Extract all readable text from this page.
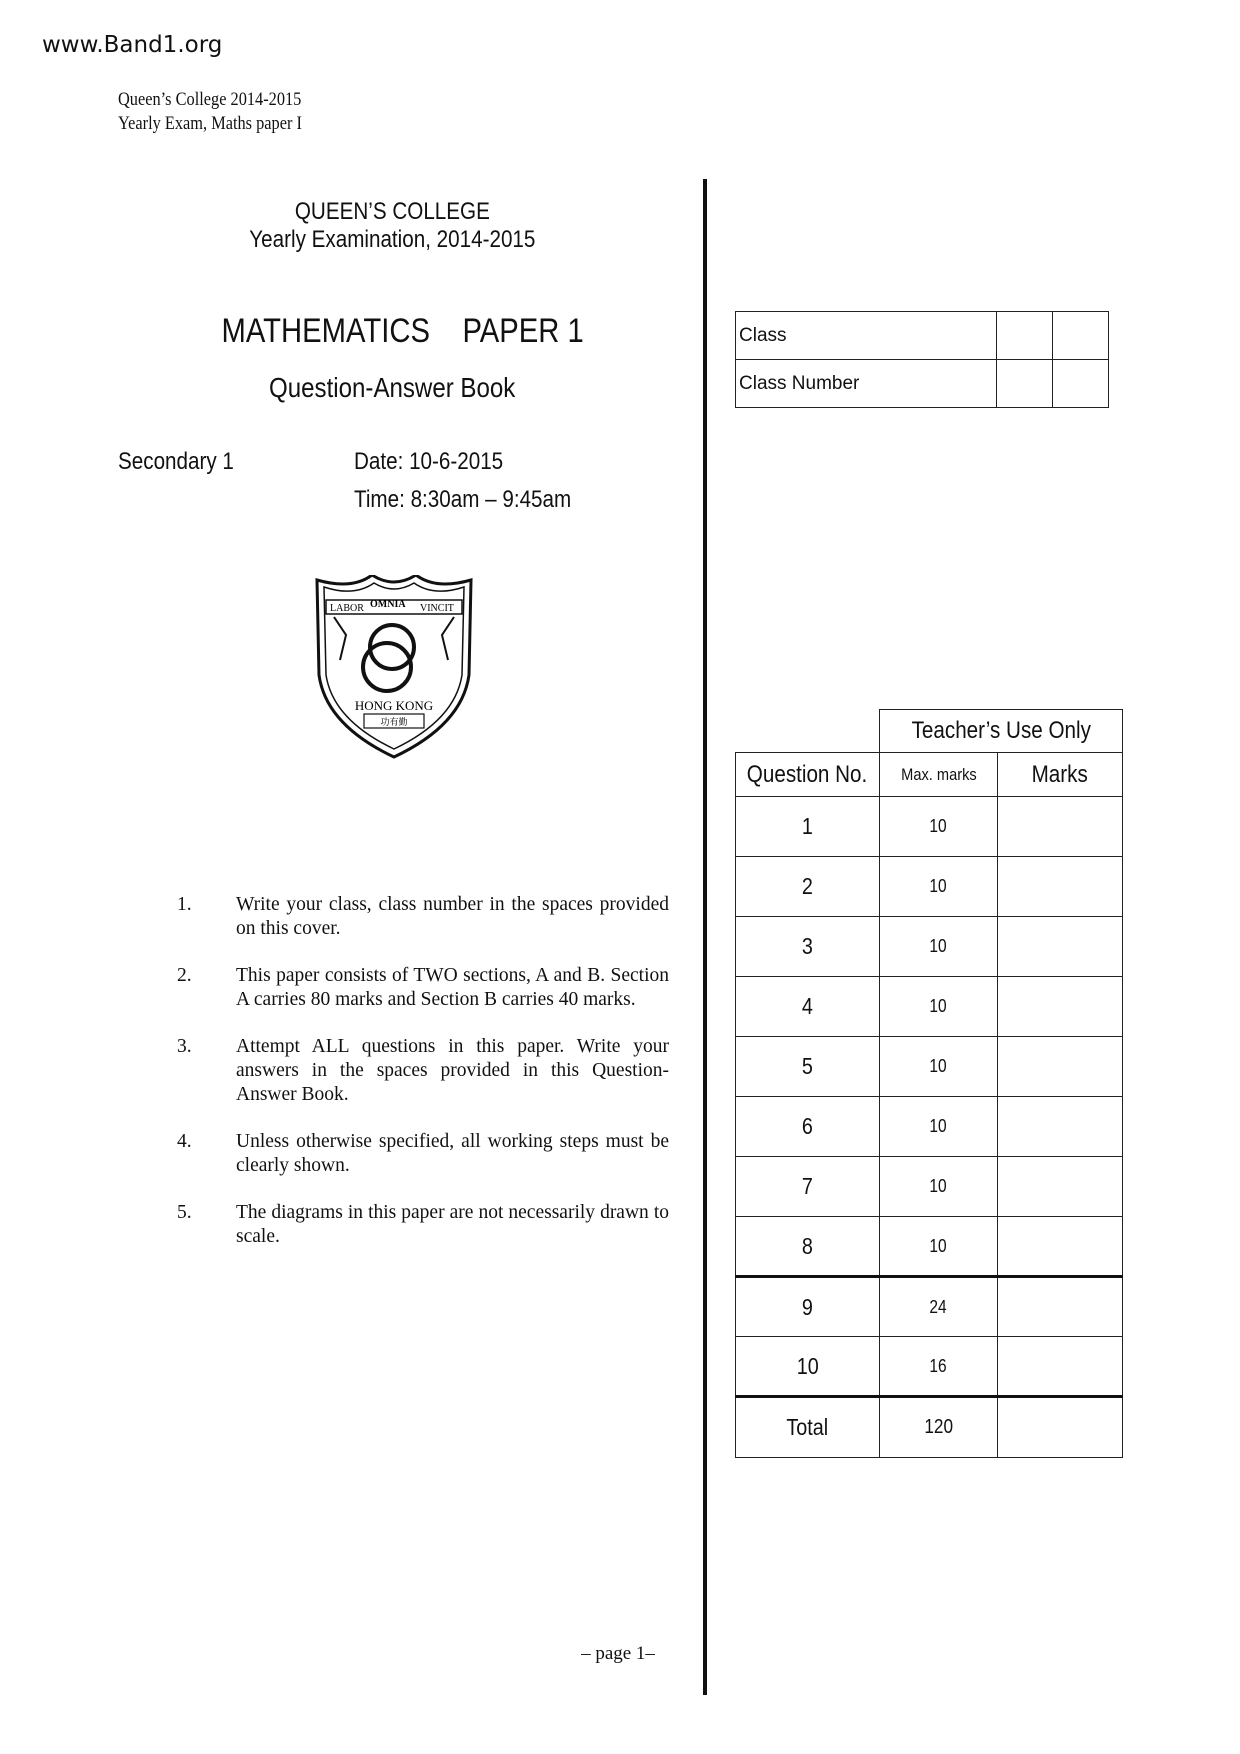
www.Band1.org
Queen’s College 2014-2015
Yearly Exam, Maths paper I
QUEEN’S COLLEGE
Yearly Examination, 2014-2015
MATHEMATICS PAPER 1
Question-Answer Book
Secondary 1	Date: 10-6-2015
Time: 8:30am – 9:45am
LABOR OMNIA VINCIT
HONG KONG
功有勤
1.	Write your class, class number in the spaces provided on this cover.
2.	This paper consists of TWO sections, A and B. Section A carries 80 marks and Section B carries 40 marks.
3.	Attempt ALL questions in this paper. Write your answers in the spaces provided in this Question-Answer Book.
4.	Unless otherwise specified, all working steps must be clearly shown.
5.	The diagrams in this paper are not necessarily drawn to scale.
Class		
Class Number		
	Teacher’s Use Only	
Question No.	Max. marks	Marks
1	10	
2	10	
3	10	
4	10	
5	10	
6	10	
7	10	
8	10	
9	24	
10	16	
Total	120	
– page 1–
